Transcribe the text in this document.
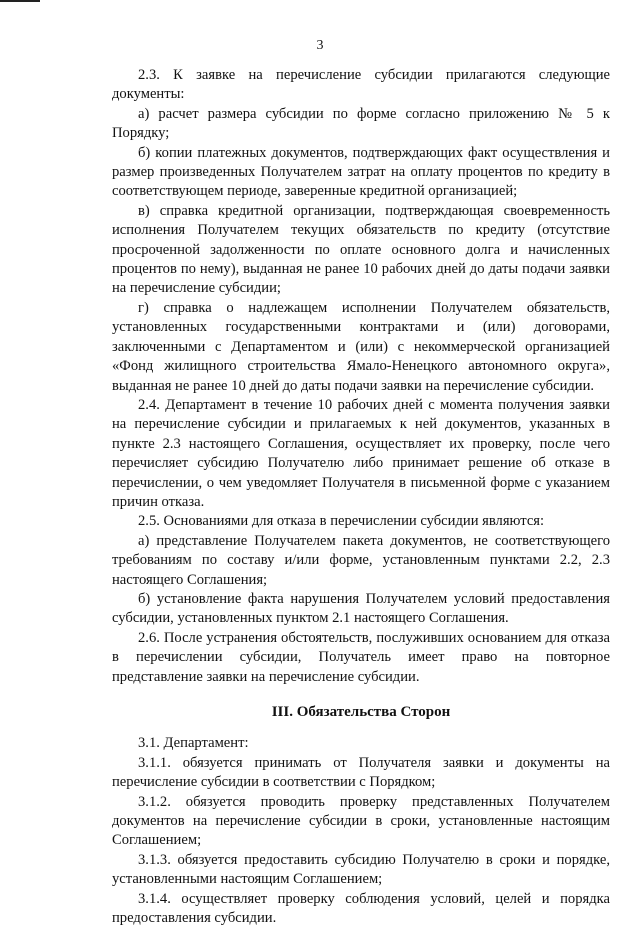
3

2.3. К заявке на перечисление субсидии прилагаются следующие документы:

а) расчет размера субсидии по форме согласно приложению № 5 к Порядку;

б) копии платежных документов, подтверждающих факт осуществления и размер произведенных Получателем затрат на оплату процентов по кредиту в соответствующем периоде, заверенные кредитной организацией;

в) справка кредитной организации, подтверждающая своевременность исполнения Получателем текущих обязательств по кредиту (отсутствие просроченной задолженности по оплате основного долга и начисленных процентов по нему), выданная не ранее 10 рабочих дней до даты подачи заявки на перечисление субсидии;

г) справка о надлежащем исполнении Получателем обязательств, установленных государственными контрактами и (или) договорами, заключенными с Департаментом и (или) с некоммерческой организацией «Фонд жилищного строительства Ямало-Ненецкого автономного округа», выданная не ранее 10 дней до даты подачи заявки на перечисление субсидии.

2.4. Департамент в течение 10 рабочих дней с момента получения заявки на перечисление субсидии и прилагаемых к ней документов, указанных в пункте 2.3 настоящего Соглашения, осуществляет их проверку, после чего перечисляет субсидию Получателю либо принимает решение об отказе в перечислении, о чем уведомляет Получателя в письменной форме с указанием причин отказа.

2.5. Основаниями для отказа в перечислении субсидии являются:

а) представление Получателем пакета документов, не соответствующего требованиям по составу и/или форме, установленным пунктами 2.2, 2.3 настоящего Соглашения;

б) установление факта нарушения Получателем условий предоставления субсидии, установленных пунктом 2.1 настоящего Соглашения.

2.6. После устранения обстоятельств, послуживших основанием для отказа в перечислении субсидии, Получатель имеет право на повторное представление заявки на перечисление субсидии.

III. Обязательства Сторон

3.1. Департамент:

3.1.1. обязуется принимать от Получателя заявки и документы на перечисление субсидии в соответствии с Порядком;

3.1.2. обязуется проводить проверку представленных Получателем документов на перечисление субсидии в сроки, установленные настоящим Соглашением;

3.1.3. обязуется предоставить субсидию Получателю в сроки и порядке, установленными настоящим Соглашением;

3.1.4. осуществляет проверку соблюдения условий, целей и порядка предоставления субсидии.
